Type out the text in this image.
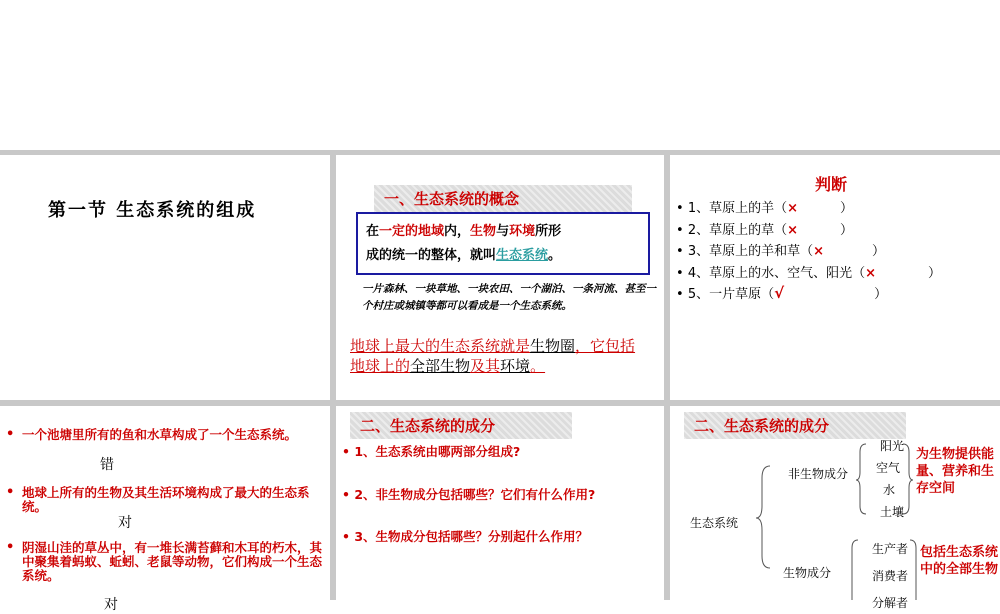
第一节 生态系统的组成
一、生态系统的概念
在一定的地域内，生物与环境所形
成的统一的整体，就叫生态系统。
一片森林、一块草地、一块农田、一个湖泊、一条河流、甚至一个村庄或城镇等都可以看成是一个生态系统。
地球上最大的生态系统就是生物圈，它包括地球上的全部生物及其环境。
判断
• 1、草原上的羊（×	）
• 2、草原上的草（×	）
• 3、草原上的羊和草（×	）
• 4、草原上的水、空气、阳光（×	）
• 5、一片草原（√	）
• 一个池塘里所有的鱼和水草构成了一个生态系统。
错
• 地球上所有的生物及其生活环境构成了最大的生态系统。
对
• 阴湿山洼的草丛中，有一堆长满苔藓和木耳的朽木，其中聚集着蚂蚁、蚯蚓、老鼠等动物，它们构成一个生态系统。
对
二、生态系统的成分
• 1、生态系统由哪两部分组成?
• 2、非生物成分包括哪些？它们有什么作用?
• 3、生物成分包括哪些？分别起什么作用？
二、生态系统的成分
生态系统
非生物成分
阳光
空气
水
土壤
为生物提供能量、营养和生存空间
生物成分
生产者
消费者
分解者
包括生态系统中的全部生物
